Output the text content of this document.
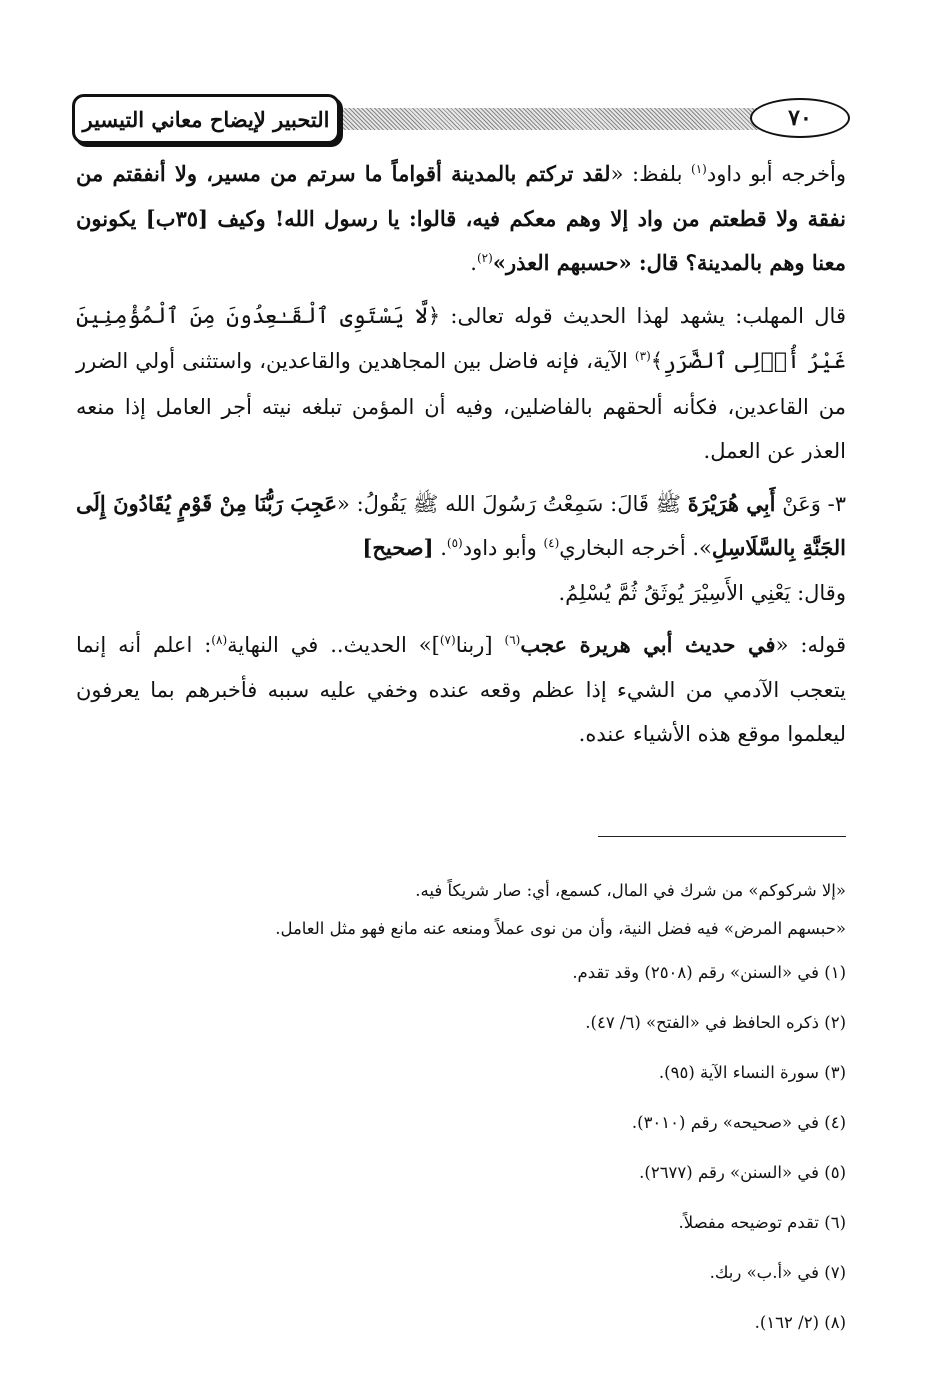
التحبير لإيضاح معاني التيسير	٧٠

وأخرجه أبو داود$^{(١)}$ بلفظ: «لقد تركتم بالمدينة أقواماً ما سرتم من مسير، ولا أنفقتم من نفقة ولا قطعتم من واد إلا وهم معكم فيه، قالوا: يا رسول الله! وكيف [٣٥ب] يكونون معنا وهم بالمدينة؟ قال: «حسبهم العذر»$^{(٢)}$.

قال المهلب: يشهد لهذا الحديث قوله تعالى: ﴿لَّا يَسْتَوِى ٱلْقَـٰعِدُونَ مِنَ ٱلْمُؤْمِنِينَ غَيْرُ أُو۟لِى ٱلضَّرَرِ﴾$^{(٣)}$ الآية، فإنه فاضل بين المجاهدين والقاعدين، واستثنى أولي الضرر من القاعدين، فكأنه ألحقهم بالفاضلين، وفيه أن المؤمن تبلغه نيته أجر العامل إذا منعه العذر عن العمل.

٣- وَعَنْ أَبِي هُرَيْرَةَ ﷺ قَالَ: سَمِعْتُ رَسُولَ الله ﷺ يَقُولُ: «عَجِبَ رَبُّنَا مِنْ قَوْمٍ يُقَادُونَ إِلَى الجَنَّةِ بِالسَّلَاسِلِ». أخرجه البخاري$^{(٤)}$ وأبو داود$^{(٥)}$. [صحيح]

وقال: يَعْنِي الأَسِيْرَ يُوثَقُ ثُمَّ يُسْلِمُ.

قوله: «في حديث أبي هريرة عجب$^{(٦)}$ [ربنا$^{(٧)}$]» الحديث.. في النهاية$^{(٨)}$: اعلم أنه إنما يتعجب الآدمي من الشيء إذا عظم وقعه عنده وخفي عليه سببه فأخبرهم بما يعرفون ليعلموا موقع هذه الأشياء عنده.

«إلا شركوكم» من شرك في المال، كسمع، أي: صار شريكاً فيه.

«حبسهم المرض» فيه فضل النية، وأن من نوى عملاً ومنعه عنه مانع فهو مثل العامل.

(١) في «السنن» رقم (٢٥٠٨) وقد تقدم.

(٢) ذكره الحافظ في «الفتح» (٦/ ٤٧).

(٣) سورة النساء الآية (٩٥).

(٤) في «صحيحه» رقم (٣٠١٠).

(٥) في «السنن» رقم (٢٦٧٧).

(٦) تقدم توضيحه مفصلاً.

(٧) في «أ.ب» ربك.

(٨) (٢/ ١٦٢).
